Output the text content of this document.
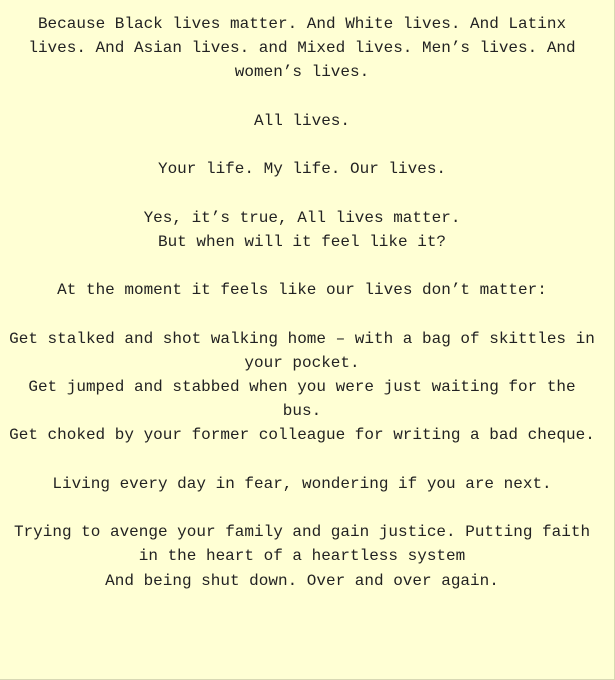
Because Black lives matter. And White lives. And Latinx lives. And Asian lives. and Mixed lives. Men’s lives. And women’s lives.

All lives.

Your life. My life. Our lives.

Yes, it’s true, All lives matter.
But when will it feel like it?

At the moment it feels like our lives don’t matter:

Get stalked and shot walking home – with a bag of skittles in your pocket.
Get jumped and stabbed when you were just waiting for the bus.
Get choked by your former colleague for writing a bad cheque.

Living every day in fear, wondering if you are next.

Trying to avenge your family and gain justice. Putting faith in the heart of a heartless system
And being shut down. Over and over again.
